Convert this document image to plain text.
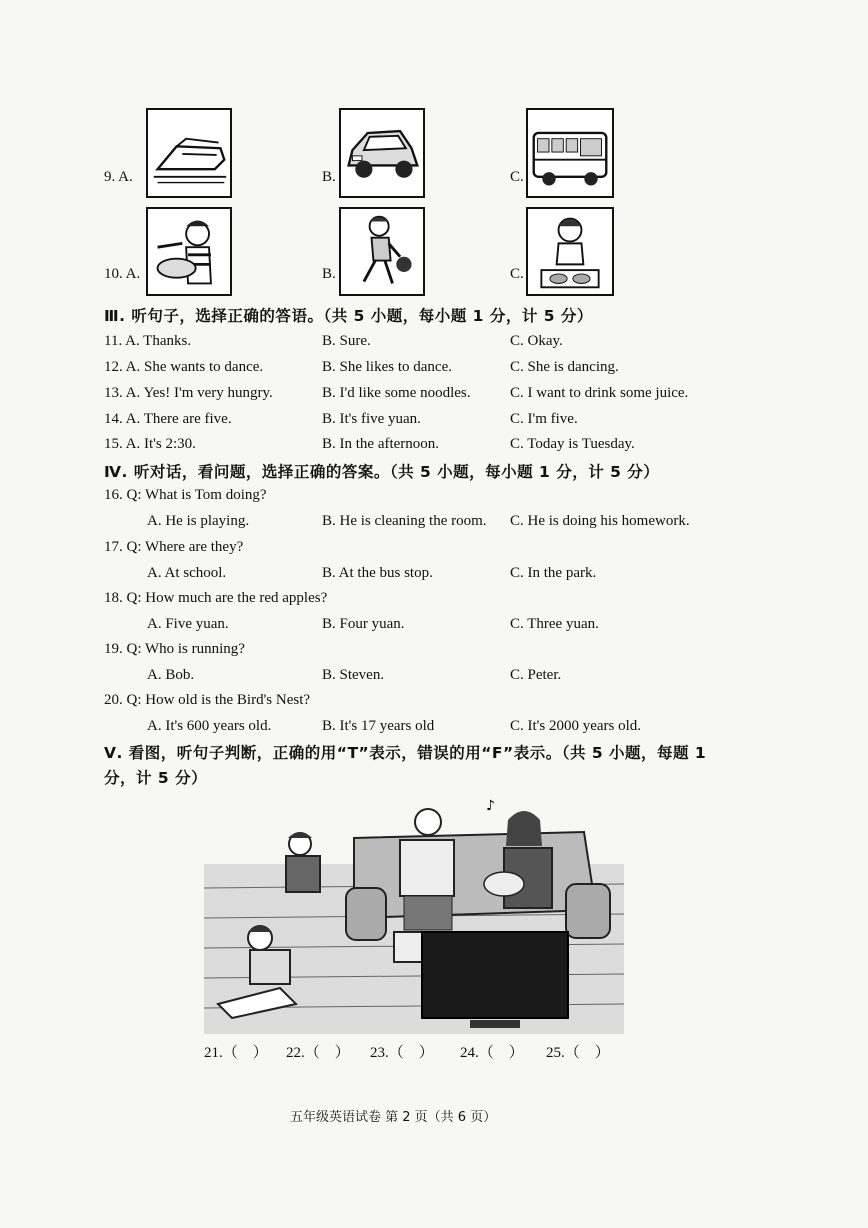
9. A.	B.	C.
10. A.	B.	C.
Ⅲ. 听句子，选择正确的答语。（共 5 小题，每小题 1 分，计 5 分）
11. A. Thanks.	B. Sure.	C. Okay.
12. A. She wants to dance.	B. She likes to dance.	C. She is dancing.
13. A. Yes! I'm very hungry.	B. I'd like some noodles.	C. I want to drink some juice.
14. A. There are five.	B. It's five yuan.	C. I'm five.
15. A. It's 2:30.	B. In the afternoon.	C. Today is Tuesday.
Ⅳ. 听对话，看问题，选择正确的答案。（共 5 小题，每小题 1 分，计 5 分）
16. Q: What is Tom doing?
A. He is playing.	B. He is cleaning the room. C. He is doing his homework.
17. Q: Where are they?
A. At school.	B. At the bus stop.	C. In the park.
18. Q: How much are the red apples?
A. Five yuan.	B. Four yuan.	C. Three yuan.
19. Q: Who is running?
A. Bob.	B. Steven.	C. Peter.
20. Q: How old is the Bird's Nest?
A. It's 600 years old.	B. It's 17 years old	C. It's 2000 years old.
Ⅴ. 看图，听句子判断，正确的用“T”表示，错误的用“F”表示。（共 5 小题，每题 1
分，计 5 分）
♪
21.（　） 22.（　） 23.（　） 24.（　） 25.（　）
五年级英语试卷 第 2 页（共 6 页）
